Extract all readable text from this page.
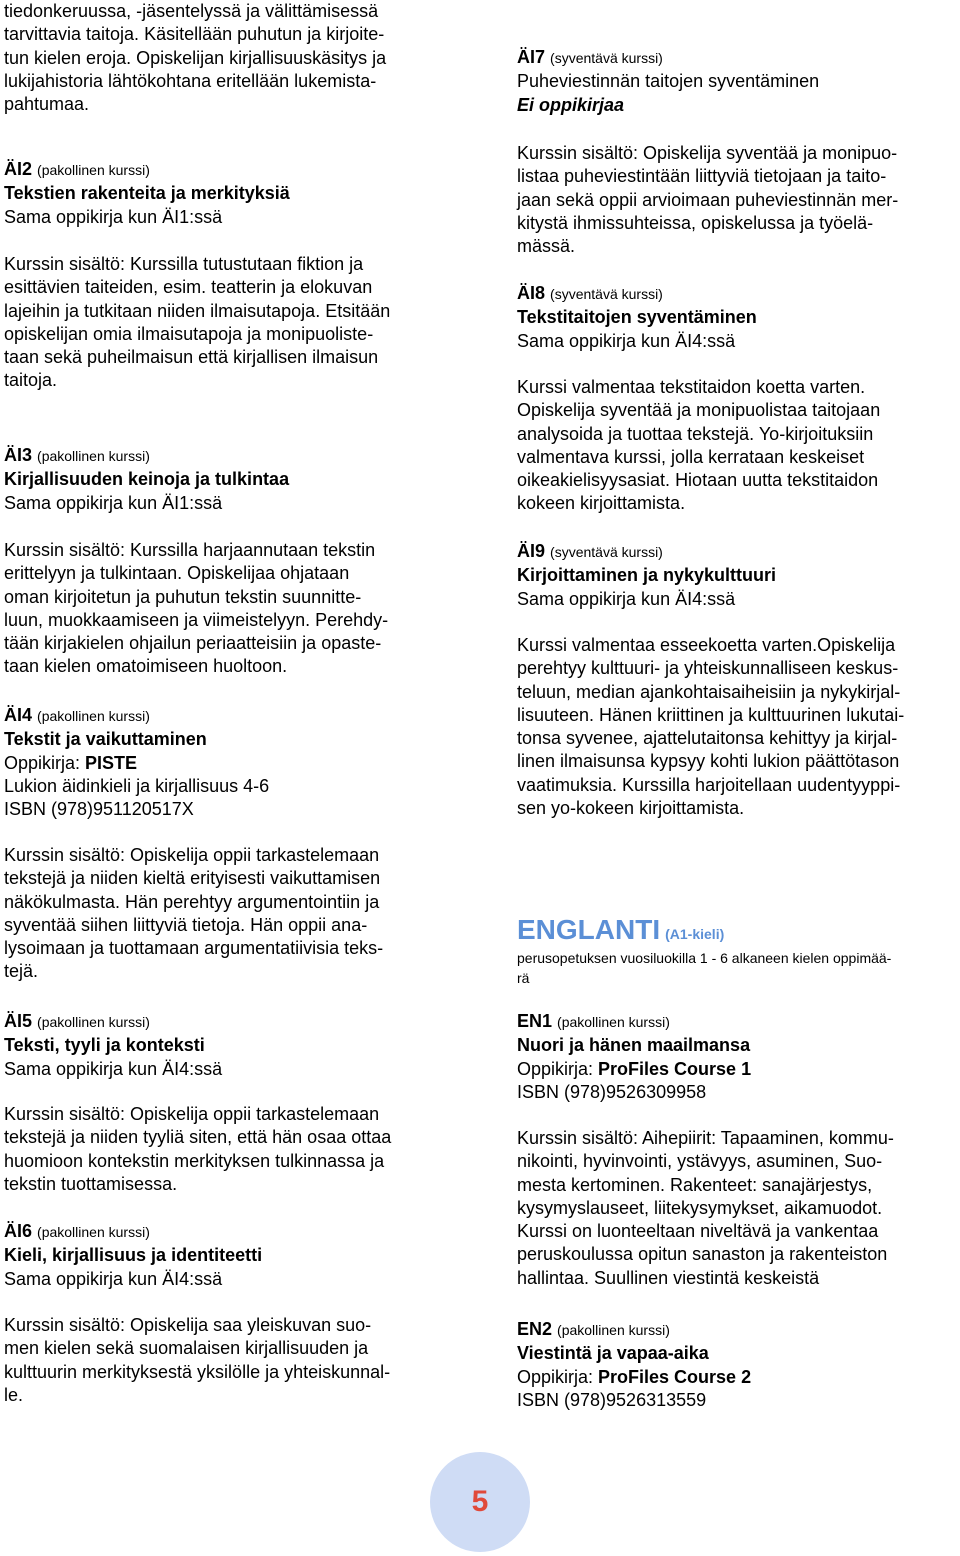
tiedonkeruussa, -jäsentelyssä ja välittämisessä
tarvittavia taitoja. Käsitellään puhutun ja kirjoite-
tun kielen eroja. Opiskelijan kirjallisuuskäsitys ja
lukijahistoria lähtökohtana eritellään lukemista-
pahtumaa.
ÄI2 (pakollinen kurssi)
Tekstien rakenteita ja merkityksiä
Sama oppikirja kun ÄI1:ssä
Kurssin sisältö: Kurssilla tutustutaan fiktion ja
esittävien taiteiden, esim. teatterin ja elokuvan
lajeihin ja tutkitaan niiden ilmaisutapoja. Etsitään
opiskelijan omia ilmaisutapoja ja monipuoliste-
taan sekä puheilmaisun että kirjallisen ilmaisun
taitoja.
ÄI3 (pakollinen kurssi)
Kirjallisuuden keinoja ja tulkintaa
Sama oppikirja kun ÄI1:ssä
Kurssin sisältö: Kurssilla harjaannutaan tekstin
erittelyyn ja tulkintaan. Opiskelijaa ohjataan
oman kirjoitetun ja puhutun tekstin suunnitte-
luun, muokkaamiseen ja viimeistelyyn. Perehdy-
tään kirjakielen ohjailun periaatteisiin ja opaste-
taan kielen omatoimiseen huoltoon.
ÄI4 (pakollinen kurssi)
Tekstit ja vaikuttaminen
Oppikirja: PISTE
Lukion äidinkieli ja kirjallisuus 4-6
ISBN (978)951120517X
Kurssin sisältö: Opiskelija oppii tarkastelemaan
tekstejä ja niiden kieltä erityisesti vaikuttamisen
näkökulmasta. Hän perehtyy argumentointiin ja
syventää siihen liittyviä tietoja. Hän oppii ana-
lysoimaan ja tuottamaan argumentatiivisia teks-
tejä.
ÄI5 (pakollinen kurssi)
Teksti, tyyli ja konteksti
Sama oppikirja kun ÄI4:ssä
Kurssin sisältö: Opiskelija oppii tarkastelemaan
tekstejä ja niiden tyyliä siten, että hän osaa ottaa
huomioon kontekstin merkityksen tulkinnassa ja
tekstin tuottamisessa.
ÄI6 (pakollinen kurssi)
Kieli, kirjallisuus ja identiteetti
Sama oppikirja kun ÄI4:ssä
Kurssin sisältö: Opiskelija saa yleiskuvan suo-
men kielen sekä suomalaisen kirjallisuuden ja
kulttuurin merkityksestä yksilölle ja yhteiskunnal-
le.
ÄI7 (syventävä kurssi)
Puheviestinnän taitojen syventäminen
Ei oppikirjaa
Kurssin sisältö: Opiskelija syventää ja monipuo-
listaa puheviestintään liittyviä tietojaan ja taito-
jaan sekä oppii arvioimaan puheviestinnän mer-
kitystä ihmissuhteissa, opiskelussa ja työelä-
mässä.
ÄI8 (syventävä kurssi)
Tekstitaitojen syventäminen
Sama oppikirja kun ÄI4:ssä
Kurssi valmentaa tekstitaidon koetta varten.
Opiskelija syventää ja monipuolistaa taitojaan
analysoida ja tuottaa tekstejä. Yo-kirjoituksiin
valmentava kurssi, jolla kerrataan keskeiset
oikeakielisyysasiat. Hiotaan uutta tekstitaidon
kokeen kirjoittamista.
ÄI9 (syventävä kurssi)
Kirjoittaminen ja nykykulttuuri
Sama oppikirja kun ÄI4:ssä
Kurssi valmentaa esseekoetta varten.Opiskelija
perehtyy kulttuuri- ja yhteiskunnalliseen keskus-
teluun, median ajankohtaisaiheisiin ja nykykirjal-
lisuuteen. Hänen kriittinen ja kulttuurinen lukutai-
tonsa syvenee, ajattelutaitonsa kehittyy ja kirjal-
linen ilmaisunsa kypsyy kohti lukion päättötason
vaatimuksia. Kurssilla harjoitellaan uudentyyppi-
sen yo-kokeen kirjoittamista.
ENGLANTI (A1-kieli)
perusopetuksen vuosiluokilla 1 - 6 alkaneen kielen oppimää-
rä
EN1 (pakollinen kurssi)
Nuori ja hänen maailmansa
Oppikirja: ProFiles Course 1
ISBN (978)9526309958
Kurssin sisältö: Aihepiirit: Tapaaminen, kommu-
nikointi, hyvinvointi, ystävyys, asuminen, Suo-
mesta kertominen. Rakenteet: sanajärjestys,
kysymyslauseet, liitekysymykset, aikamuodot.
Kurssi on luonteeltaan niveltävä ja vankentaa
peruskoulussa opitun sanaston ja rakenteiston
hallintaa. Suullinen viestintä keskeistä
EN2 (pakollinen kurssi)
Viestintä ja vapaa-aika
Oppikirja: ProFiles Course 2
ISBN (978)9526313559
5
